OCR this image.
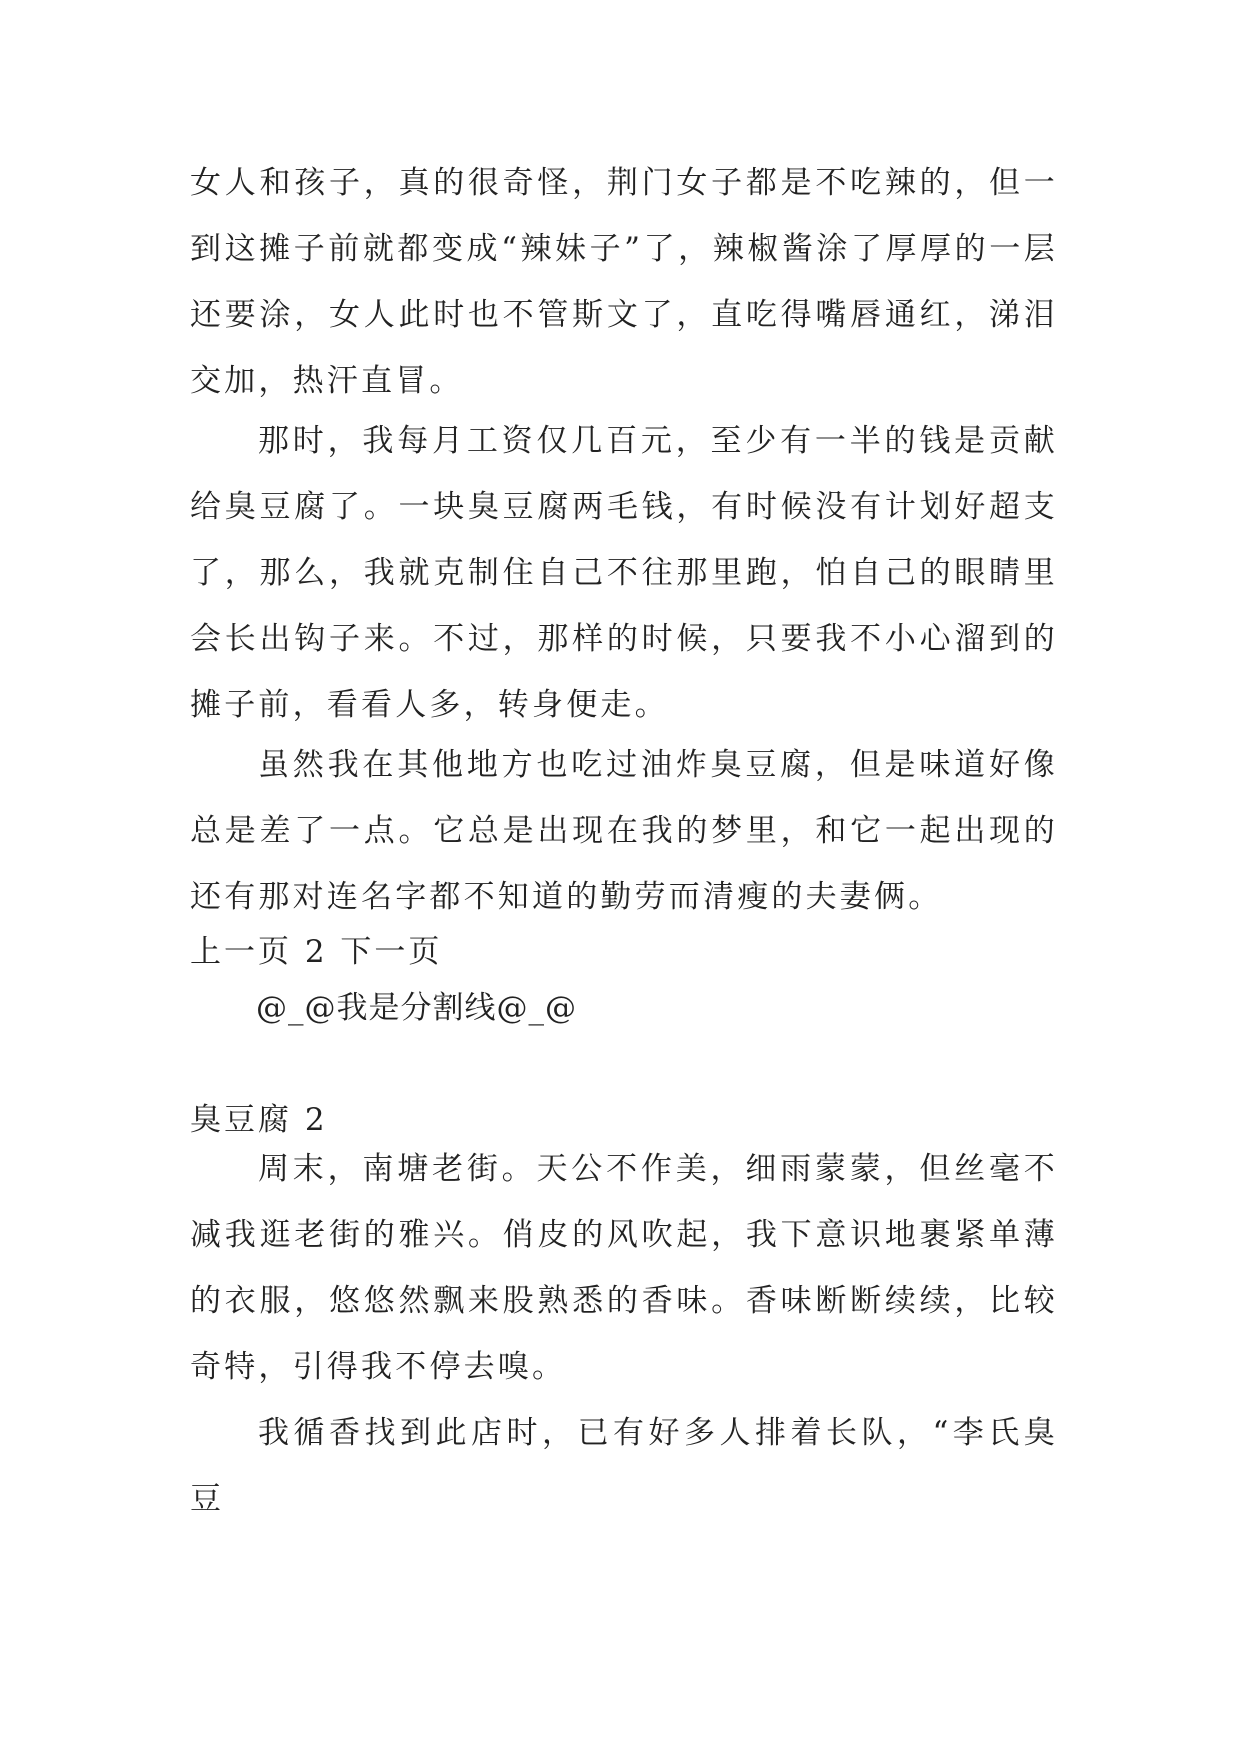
女人和孩子，真的很奇怪，荆门女子都是不吃辣的，但一到这摊子前就都变成“辣妹子”了，辣椒酱涂了厚厚的一层还要涂，女人此时也不管斯文了，直吃得嘴唇通红，涕泪交加，热汗直冒。

那时，我每月工资仅几百元，至少有一半的钱是贡献给臭豆腐了。一块臭豆腐两毛钱，有时候没有计划好超支了，那么，我就克制住自己不往那里跑，怕自己的眼睛里会长出钩子来。不过，那样的时候，只要我不小心溜到的摊子前，看看人多，转身便走。

虽然我在其他地方也吃过油炸臭豆腐，但是味道好像总是差了一点。它总是出现在我的梦里，和它一起出现的还有那对连名字都不知道的勤劳而清瘦的夫妻俩。

上一页 2 下一页

@_@我是分割线@_@

臭豆腐 2

周末，南塘老街。天公不作美，细雨蒙蒙，但丝毫不减我逛老街的雅兴。俏皮的风吹起，我下意识地裹紧单薄的衣服，悠悠然飘来股熟悉的香味。香味断断续续，比较奇特，引得我不停去嗅。

我循香找到此店时，已有好多人排着长队，“李氏臭豆
